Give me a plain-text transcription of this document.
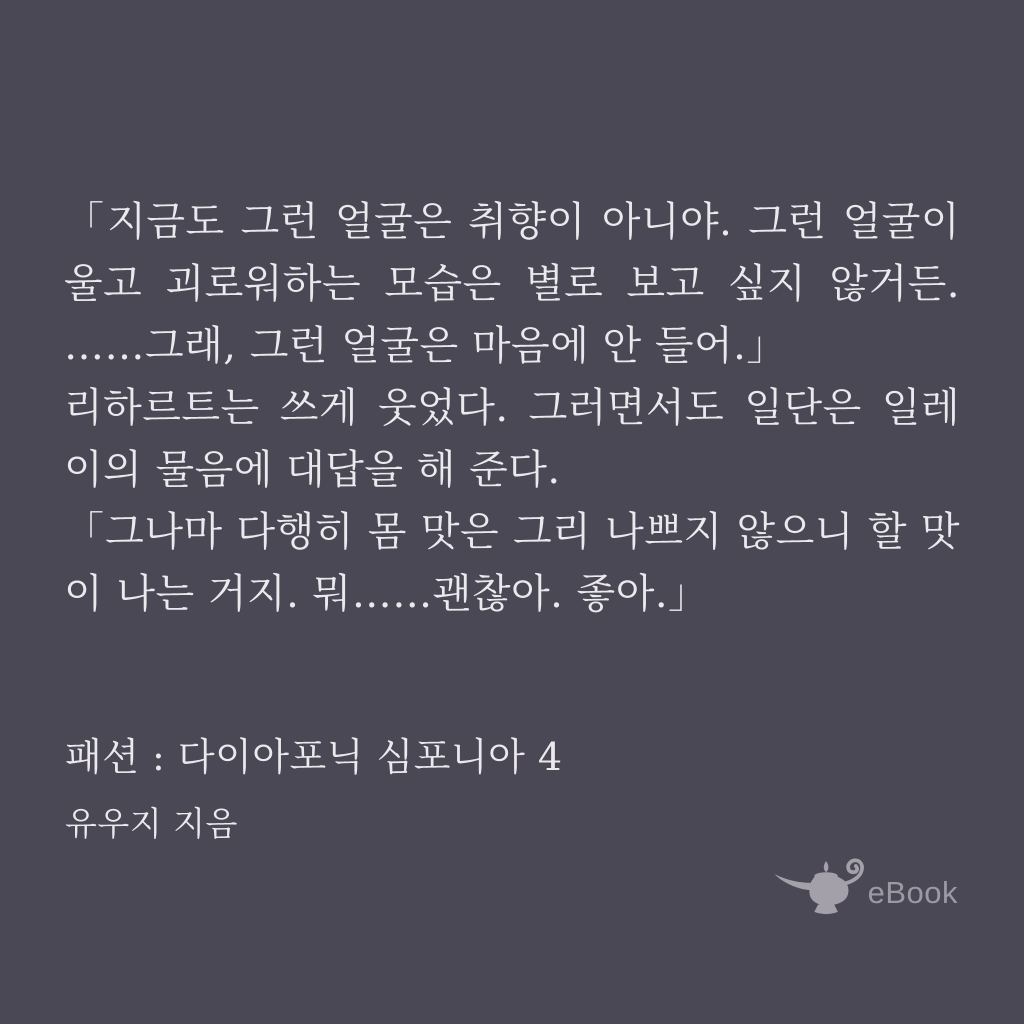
「지금도 그런 얼굴은 취향이 아니야. 그런 얼굴이
울고 괴로워하는 모습은 별로 보고 싶지 않거든.
……그래, 그런 얼굴은 마음에 안 들어.」
리하르트는 쓰게 웃었다. 그러면서도 일단은 일레
이의 물음에 대답을 해 준다.
「그나마 다행히 몸 맛은 그리 나쁘지 않으니 할 맛
이 나는 거지. 뭐……괜찮아. 좋아.」
패션 : 다이아포닉 심포니아 4
유우지 지음
eBook
